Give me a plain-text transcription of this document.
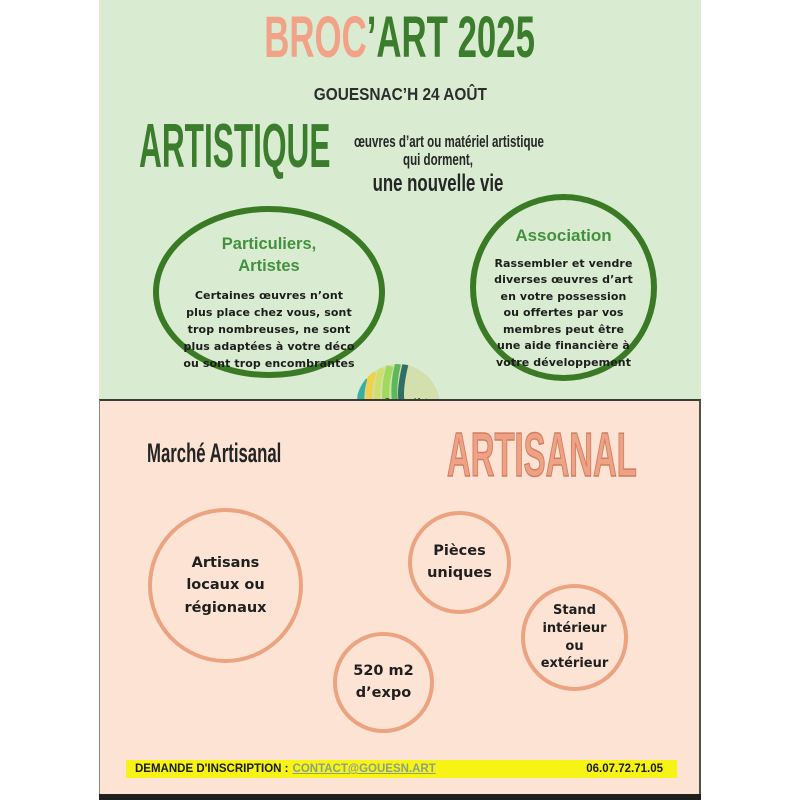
BROC’ART 2025
GOUESNAC’H 24 AOÛT
ARTISTIQUE	œuvres d’art ou matériel artistique
qui dorment,
une nouvelle vie
Particuliers,
Artistes
Certaines œuvres n’ont plus place chez vous, sont trop nombreuses, ne sont plus adaptées à votre déco ou sont trop encombrantes
Association
Rassembler et vendre diverses œuvres d’art en votre possession ou offertes par vos membres peut être une aide financière à votre développement
Marché Artisanal	ARTISANAL
Artisans
locaux ou
régionaux
Pièces
uniques
Stand
intérieur
ou
extérieur
520 m2
d’expo
DEMANDE D'INSCRIPTION : CONTACT@GOUESN.ART	06.07.72.71.05
